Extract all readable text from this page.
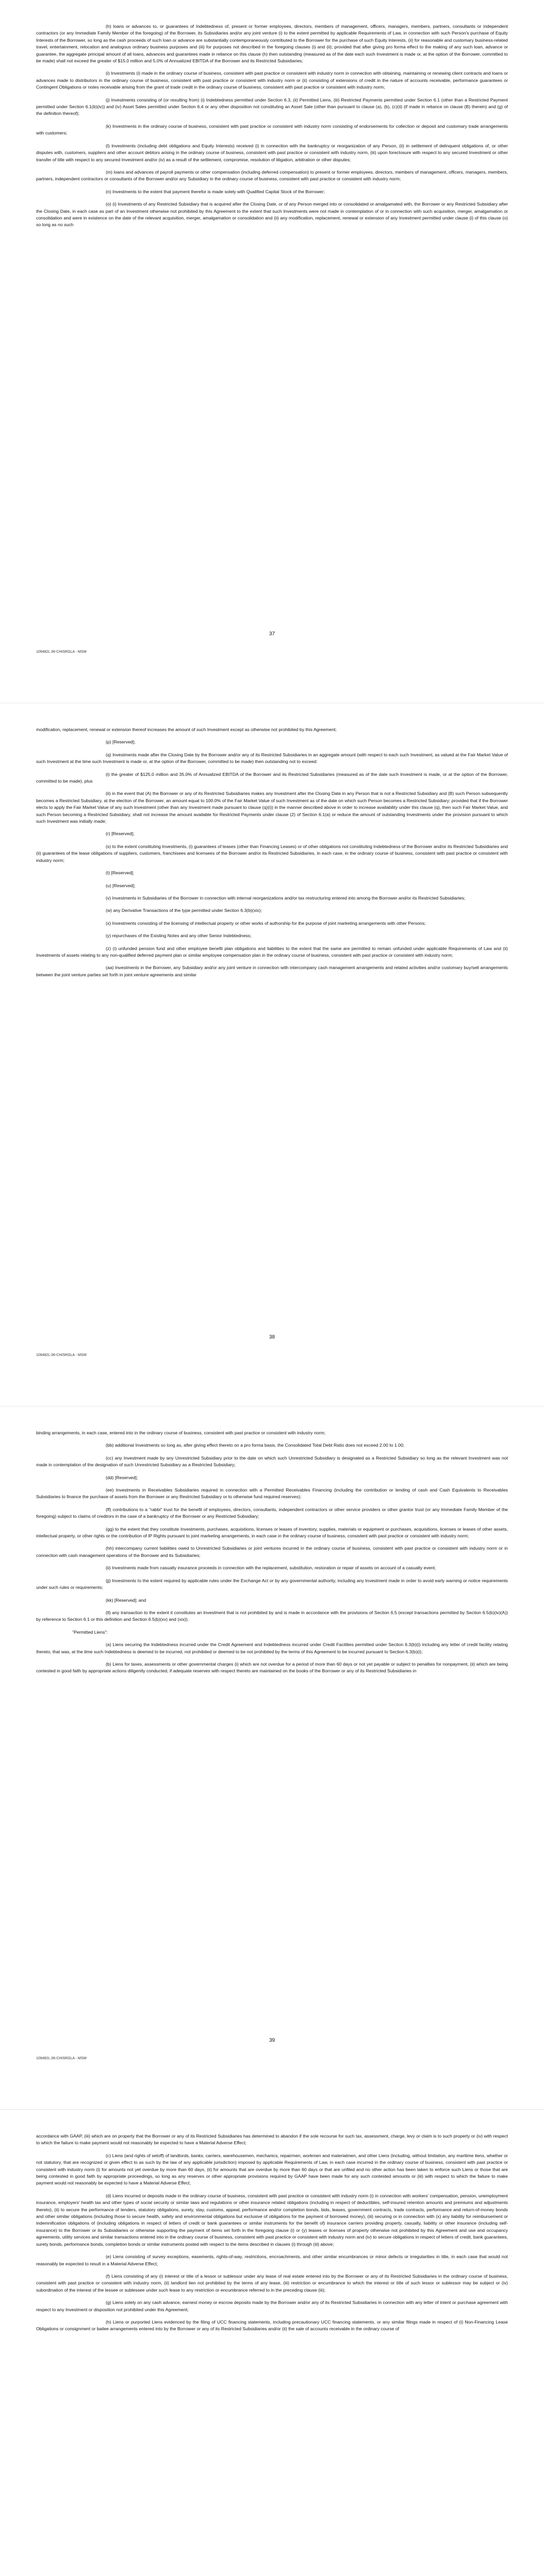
(h) loans or advances to, or guarantees of Indebtedness of, present or former employees, directors, members of management, officers, managers, members, partners, consultants or independent contractors (or any Immediate Family Member of the foregoing) of the Borrower, its Subsidiaries and/or any joint venture (i) to the extent permitted by applicable Requirements of Law, in connection with such Person's purchase of Equity Interests of the Borrower, so long as the cash proceeds of such loan or advance are substantially contemporaneously contributed to the Borrower for the purchase of such Equity Interests, (ii) for reasonable and customary business-related travel, entertainment, relocation and analogous ordinary business purposes and (iii) for purposes not described in the foregoing clauses (i) and (ii); provided that after giving pro forma effect to the making of any such loan, advance or guarantee, the aggregate principal amount of all loans, advances and guarantees made in reliance on this clause (h) then outstanding (measured as of the date each such Investment is made or, at the option of the Borrower, committed to be made) shall not exceed the greater of $15.0 million and 5.0% of Annualized EBITDA of the Borrower and its Restricted Subsidiaries;

(i) Investments (i) made in the ordinary course of business, consistent with past practice or consistent with industry norm in connection with obtaining, maintaining or renewing client contracts and loans or advances made to distributors in the ordinary course of business, consistent with past practice or consistent with industry norm or (ii) consisting of extensions of credit in the nature of accounts receivable, performance guarantees or Contingent Obligations or notes receivable arising from the grant of trade credit in the ordinary course of business, consistent with past practice or consistent with industry norm;

(j) Investments consisting of (or resulting from) (i) Indebtedness permitted under Section 6.3, (ii) Permitted Liens, (iii) Restricted Payments permitted under Section 6.1 (other than a Restricted Payment permitted under Section 6.1(b)(iv)) and (iv) Asset Sales permitted under Section 6.4 or any other disposition not constituting an Asset Sale (other than pursuant to clause (a), (b), (c)(ii) (if made in reliance on clause (B) therein) and (g) of the definition thereof);

(k) Investments in the ordinary course of business, consistent with past practice or consistent with industry norm consisting of endorsements for collection or deposit and customary trade arrangements with customers;

(l) Investments (including debt obligations and Equity Interests) received (i) in connection with the bankruptcy or reorganization of any Person, (ii) in settlement of delinquent obligations of, or other disputes with, customers, suppliers and other account debtors arising in the ordinary course of business, consistent with past practice or consistent with industry norm, (iii) upon foreclosure with respect to any secured Investment or other transfer of title with respect to any secured Investment and/or (iv) as a result of the settlement, compromise, resolution of litigation, arbitration or other disputes;

(m) loans and advances of payroll payments or other compensation (including deferred compensation) to present or former employees, directors, members of management, officers, managers, members, partners, independent contractors or consultants of the Borrower and/or any Subsidiary in the ordinary course of business, consistent with past practice or consistent with industry norm;

(n) Investments to the extent that payment therefor is made solely with Qualified Capital Stock of the Borrower;

(o) (i) Investments of any Restricted Subsidiary that is acquired after the Closing Date, or of any Person merged into or consolidated or amalgamated with, the Borrower or any Restricted Subsidiary after the Closing Date, in each case as part of an Investment otherwise not prohibited by this Agreement to the extent that such Investments were not made in contemplation of or in connection with such acquisition, merger, amalgamation or consolidation and were in existence on the date of the relevant acquisition, merger, amalgamation or consolidation and (ii) any modification, replacement, renewal or extension of any Investment permitted under clause (i) of this clause (o) so long as no such

37
109482L.06-CHISRGLA - MSW

modification, replacement, renewal or extension thereof increases the amount of such Investment except as otherwise not prohibited by this Agreement;

(p) [Reserved];

(q) Investments made after the Closing Date by the Borrower and/or any of its Restricted Subsidiaries in an aggregate amount (with respect to each such Investment, as valued at the Fair Market Value of such Investment at the time such Investment is made or, at the option of the Borrower, committed to be made) then outstanding not to exceed:

(i) the greater of $125.0 million and 35.0% of Annualized EBITDA of the Borrower and its Restricted Subsidiaries (measured as of the date such Investment is made, or at the option of the Borrower, committed to be made), plus

(ii) in the event that (A) the Borrower or any of its Restricted Subsidiaries makes any Investment after the Closing Date in any Person that is not a Restricted Subsidiary and (B) such Person subsequently becomes a Restricted Subsidiary, at the election of the Borrower, an amount equal to 100.0% of the Fair Market Value of such Investment as of the date on which such Person becomes a Restricted Subsidiary; provided that if the Borrower elects to apply the Fair Market Value of any such Investment (other than any Investment made pursuant to clause (q)(i)) in the manner described above in order to increase availability under this clause (q), then such Fair Market Value, and such Person becoming a Restricted Subsidiary, shall not increase the amount available for Restricted Payments under clause (2) of Section 6.1(a) or reduce the amount of outstanding Investments under the provision pursuant to which such Investment was initially made;

(r) [Reserved];

(s) to the extent constituting Investments, (i) guarantees of leases (other than Financing Leases) or of other obligations not constituting Indebtedness of the Borrower and/or its Restricted Subsidiaries and (ii) guarantees of the lease obligations of suppliers, customers, franchisees and licensees of the Borrower and/or its Restricted Subsidiaries, in each case, in the ordinary course of business, consistent with past practice or consistent with industry norm;

(t) [Reserved];

(u) [Reserved];

(v) Investments in Subsidiaries of the Borrower in connection with internal reorganizations and/or tax restructuring entered into among the Borrower and/or its Restricted Subsidiaries;

(w) any Derivative Transactions of the type permitted under Section 6.3(b)(xix);

(x) Investments consisting of the licensing of intellectual property or other works of authorship for the purpose of joint marketing arrangements with other Persons;

(y) repurchases of the Existing Notes and any other Senior Indebtedness;

(z) (i) unfunded pension fund and other employee benefit plan obligations and liabilities to the extent that the same are permitted to remain unfunded under applicable Requirements of Law and (ii) Investments of assets relating to any non-qualified deferred payment plan or similar employee compensation plan in the ordinary course of business, consistent with past practice or consistent with industry norm;

(aa) Investments in the Borrower, any Subsidiary and/or any joint venture in connection with intercompany cash management arrangements and related activities and/or customary buy/sell arrangements between the joint venture parties set forth in joint venture agreements and similar

38
109482L.06-CHISRGLA - MSW

binding arrangements, in each case, entered into in the ordinary course of business, consistent with past practice or consistent with industry norm;

(bb) additional Investments so long as, after giving effect thereto on a pro forma basis, the Consolidated Total Debt Ratio does not exceed 2.00 to 1.00;

(cc) any Investment made by any Unrestricted Subsidiary prior to the date on which such Unrestricted Subsidiary is designated as a Restricted Subsidiary so long as the relevant Investment was not made in contemplation of the designation of such Unrestricted Subsidiary as a Restricted Subsidiary;

(dd) [Reserved];

(ee) Investments in Receivables Subsidiaries required in connection with a Permitted Receivables Financing (including the contribution or lending of cash and Cash Equivalents to Receivables Subsidiaries to finance the purchase of assets from the Borrower or any Restricted Subsidiary or to otherwise fund required reserves);

(ff) contributions to a "rabbi" trust for the benefit of employees, directors, consultants, independent contractors or other service providers or other grantor trust (or any Immediate Family Member of the foregoing) subject to claims of creditors in the case of a bankruptcy of the Borrower or any Restricted Subsidiary;

(gg) to the extent that they constitute Investments, purchases, acquisitions, licenses or leases of inventory, supplies, materials or equipment or purchases, acquisitions, licenses or leases of other assets, intellectual property, or other rights or the contribution of IP Rights pursuant to joint marketing arrangements, in each case in the ordinary course of business, consistent with past practice or consistent with industry norm;

(hh) intercompany current liabilities owed to Unrestricted Subsidiaries or joint ventures incurred in the ordinary course of business, consistent with past practice or consistent with industry norm or in connection with cash management operations of the Borrower and its Subsidiaries;

(ii) Investments made from casualty insurance proceeds in connection with the replacement, substitution, restoration or repair of assets on account of a casualty event;

(jj) Investments to the extent required by applicable rules under the Exchange Act or by any governmental authority, including any Investment made in order to avoid early warning or notice requirements under such rules or requirements;

(kk) [Reserved]; and

(ll) any transaction to the extent it constitutes an Investment that is not prohibited by and is made in accordance with the provisions of Section 6.5 (except transactions permitted by Section 6.5(b)(iv)(A)) by reference to Section 6.1 or this definition and Section 6.5(b)(xv) and (xix)).

"Permitted Liens":

(a) Liens securing the Indebtedness incurred under the Credit Agreement and Indebtedness incurred under Credit Facilities permitted under Section 6.3(b)(i) including any letter of credit facility relating thereto, that was, at the time such Indebtedness is deemed to be incurred, not prohibited or deemed to be not prohibited by the terms of this Agreement to be incurred pursuant to Section 6.3(b)(i);

(b) Liens for taxes, assessments or other governmental charges (i) which are not overdue for a period of more than 60 days or not yet payable or subject to penalties for nonpayment, (ii) which are being contested in good faith by appropriate actions diligently conducted, if adequate reserves with respect thereto are maintained on the books of the Borrower or any of its Restricted Subsidiaries in

39
109482L.06-CHISRGLA - MSW

accordance with GAAP, (iii) which are on property that the Borrower or any of its Restricted Subsidiaries has determined to abandon if the sole recourse for such tax, assessment, charge, levy or claim is to such property or (iv) with respect to which the failure to make payment would not reasonably be expected to have a Material Adverse Effect;

(c) Liens (and rights of setoff) of landlords, banks, carriers, warehousemen, mechanics, repairmen, workmen and materialmen, and other Liens (including, without limitation, any maritime liens, whether or not statutory, that are recognized or given effect to as such by the law of any applicable jurisdiction) imposed by applicable Requirements of Law, in each case incurred in the ordinary course of business, consistent with past practice or consistent with industry norm (i) for amounts not yet overdue by more than 60 days, (ii) for amounts that are overdue by more than 60 days or that are unfiled and no other action has been taken to enforce such Liens or those that are being contested in good faith by appropriate proceedings, so long as any reserves or other appropriate provisions required by GAAP have been made for any such contested amounts or (iii) with respect to which the failure to make payment would not reasonably be expected to have a Material Adverse Effect;

(d) Liens incurred or deposits made in the ordinary course of business, consistent with past practice or consistent with industry norm (i) in connection with workers' compensation, pension, unemployment insurance, employers' health tax and other types of social security or similar laws and regulations or other insurance related obligations (including in respect of deductibles, self-insured retention amounts and premiums and adjustments thereto), (ii) to secure the performance of tenders, statutory obligations, surety, stay, customs, appeal, performance and/or completion bonds, bids, leases, government contracts, trade contracts, performance and return-of-money bonds and other similar obligations (including those to secure health, safety and environmental obligations but exclusive of obligations for the payment of borrowed money), (iii) securing or in connection with (x) any liability for reimbursement or indemnification obligations of (including obligations in respect of letters of credit or bank guarantees or similar instruments for the benefit of) insurance carriers providing property, casualty, liability or other insurance (including self-insurance) to the Borrower or its Subsidiaries or otherwise supporting the payment of items set forth in the foregoing clause (i) or (y) leases or licenses of property otherwise not prohibited by this Agreement and use and occupancy agreements, utility services and similar transactions entered into in the ordinary course of business, consistent with past practice or consistent with industry norm and (iv) to secure obligations in respect of letters of credit, bank guarantees, surety bonds, performance bonds, completion bonds or similar instruments posted with respect to the items described in clauses (i) through (iii) above;

(e) Liens consisting of survey exceptions, easements, rights-of-way, restrictions, encroachments, and other similar encumbrances or minor defects or irregularities in title, in each case that would not reasonably be expected to result in a Material Adverse Effect;

(f) Liens consisting of any (i) interest or title of a lessor or sublessor under any lease of real estate entered into by the Borrower or any of its Restricted Subsidiaries in the ordinary course of business, consistent with past practice or consistent with industry norm, (ii) landlord lien not prohibited by the terms of any lease, (iii) restriction or encumbrance to which the interest or title of such lessor or sublessor may be subject or (iv) subordination of the interest of the lessee or sublessee under such lease to any restriction or encumbrance referred to in the preceding clause (iii);

(g) Liens solely on any cash advance, earnest money or escrow deposits made by the Borrower and/or any of its Restricted Subsidiaries in connection with any letter of intent or purchase agreement with respect to any Investment or disposition not prohibited under this Agreement;

(h) Liens or purported Liens evidenced by the filing of UCC financing statements, including precautionary UCC financing statements, or any similar filings made in respect of (i) Non-Financing Lease Obligations or consignment or bailee arrangements entered into by the Borrower or any of its Restricted Subsidiaries and/or (ii) the sale of accounts receivable in the ordinary course of
